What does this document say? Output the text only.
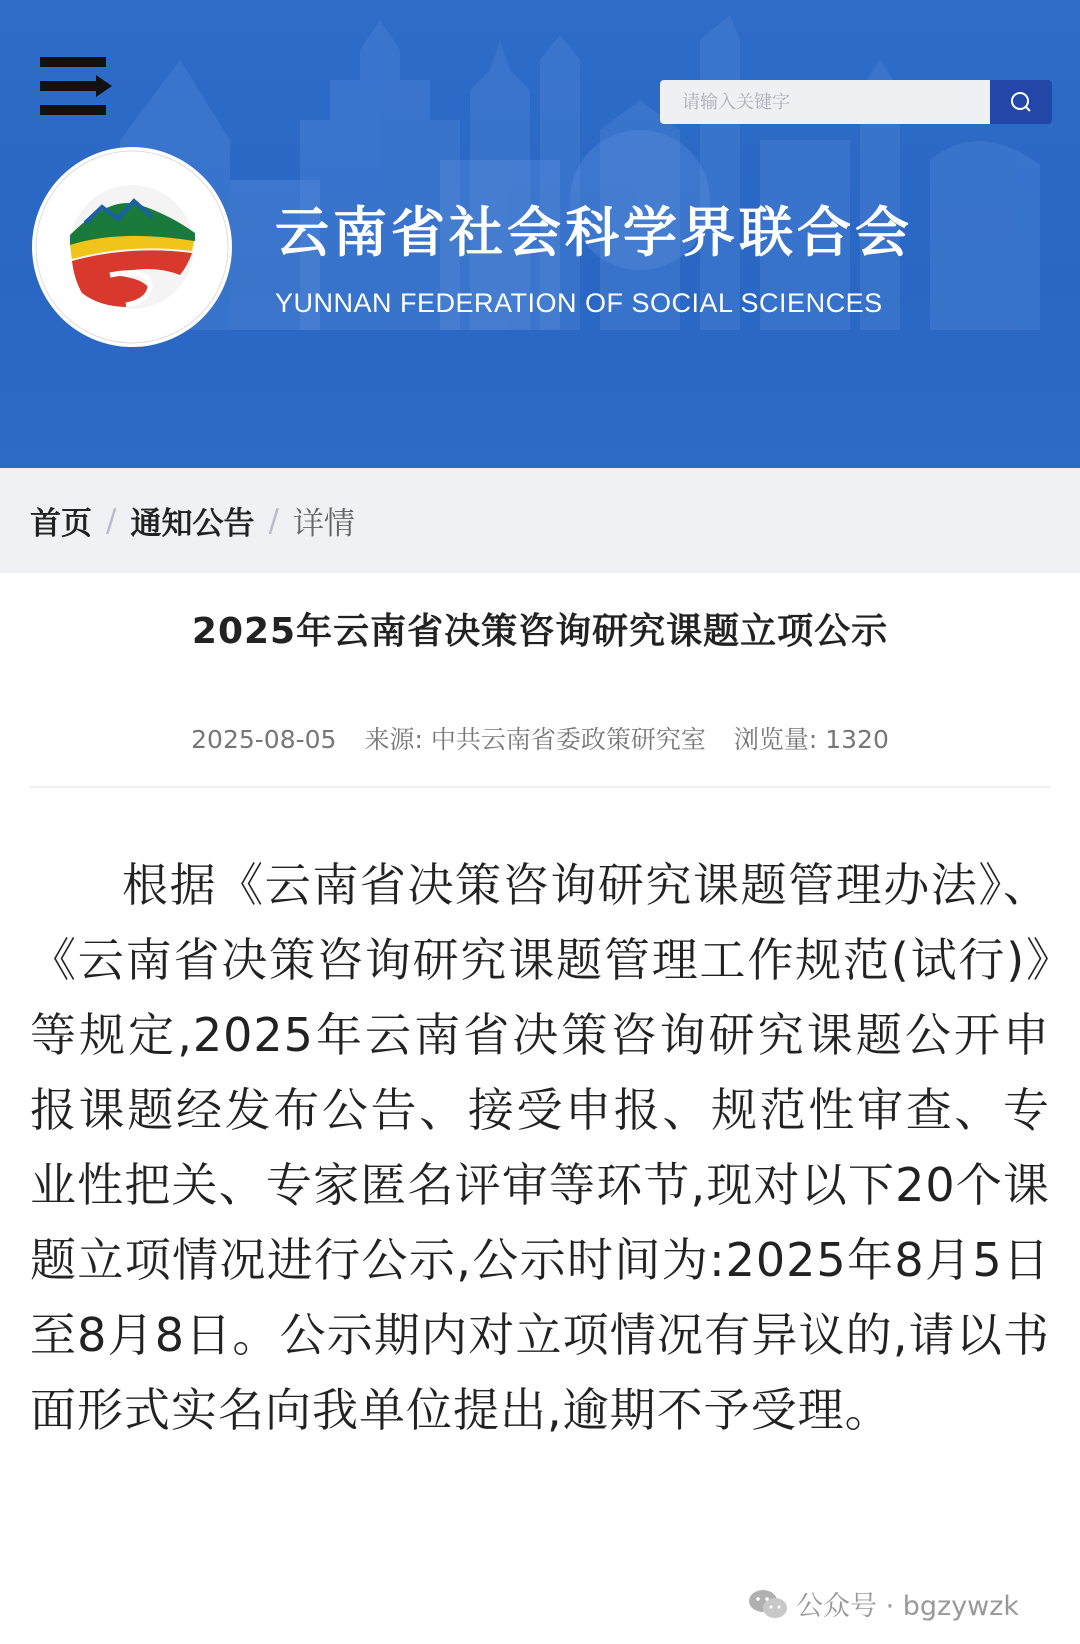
请输入关键字
云南省社会科学界联合会
YUNNAN FEDERATION OF SOCIAL SCIENCES
首页 / 通知公告 / 详情
2025年云南省决策咨询研究课题立项公示
2025-08-05 来源: 中共云南省委政策研究室 浏览量: 1320
根据《云南省决策咨询研究课题管理办法》、《云南省决策咨询研究课题管理工作规范(试行)》等规定,2025年云南省决策咨询研究课题公开申报课题经发布公告、接受申报、规范性审查、专业性把关、专家匿名评审等环节,现对以下20个课题立项情况进行公示,公示时间为:2025年8月5日至8月8日。公示期内对立项情况有异议的,请以书面形式实名向我单位提出,逾期不予受理。
公众号 · bgzywzk
